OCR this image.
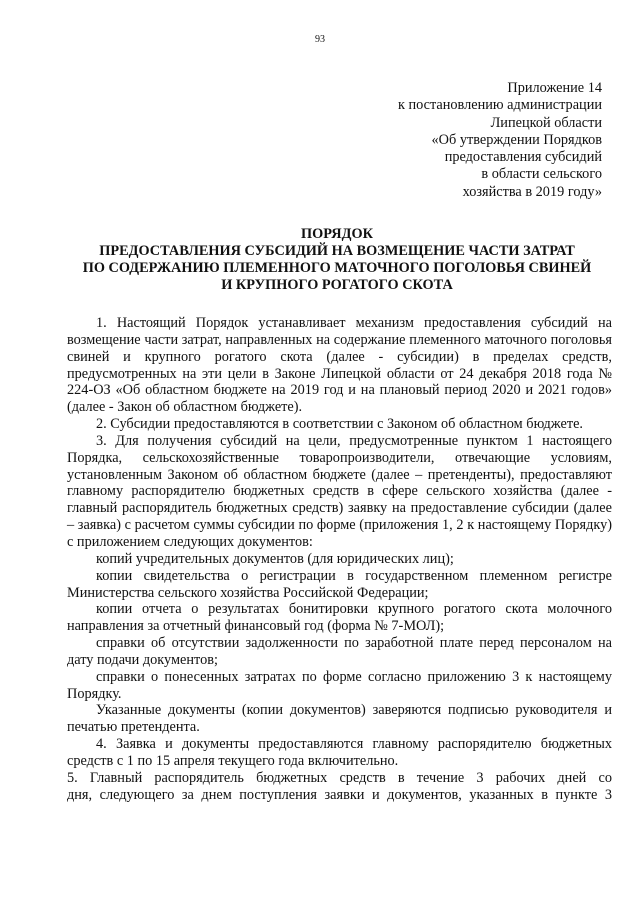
93
Приложение 14
к постановлению администрации
Липецкой области
«Об утверждении Порядков
предоставления субсидий
в области сельского
хозяйства в 2019 году»
ПОРЯДОК
ПРЕДОСТАВЛЕНИЯ СУБСИДИЙ НА ВОЗМЕЩЕНИЕ ЧАСТИ ЗАТРАТ
ПО СОДЕРЖАНИЮ ПЛЕМЕННОГО МАТОЧНОГО ПОГОЛОВЬЯ СВИНЕЙ
И КРУПНОГО РОГАТОГО СКОТА

1. Настоящий Порядок устанавливает механизм предоставления субсидий на возмещение части затрат, направленных на содержание племенного маточного поголовья свиней и крупного рогатого скота (далее - субсидии) в пределах средств, предусмотренных на эти цели в Законе Липецкой области от 24 декабря 2018 года № 224-ОЗ «Об областном бюджете на 2019 год и на плановый период 2020 и 2021 годов» (далее - Закон об областном бюджете).

2. Субсидии предоставляются в соответствии с Законом об областном бюджете.

3. Для получения субсидий на цели, предусмотренные пунктом 1 настоящего Порядка, сельскохозяйственные товаропроизводители, отвечающие условиям, установленным Законом об областном бюджете (далее – претенденты), предоставляют главному распорядителю бюджетных средств в сфере сельского хозяйства (далее - главный распорядитель бюджетных средств) заявку на предоставление субсидии (далее – заявка) с расчетом суммы субсидии по форме (приложения 1, 2 к настоящему Порядку) с приложением следующих документов:

копий учредительных документов (для юридических лиц);

копии свидетельства о регистрации в государственном племенном регистре Министерства сельского хозяйства Российской Федерации;

копии отчета о результатах бонитировки крупного рогатого скота молочного направления за отчетный финансовый год (форма № 7-МОЛ);

справки об отсутствии задолженности по заработной плате перед персоналом на дату подачи документов;

справки о понесенных затратах по форме согласно приложению 3 к настоящему Порядку.

Указанные документы (копии документов) заверяются подписью руководителя и печатью претендента.

4. Заявка и документы предоставляются главному распорядителю бюджетных средств с 1 по 15 апреля текущего года включительно.

5. Главный распорядитель бюджетных средств в течение 3 рабочих дней со

дня, следующего за днем поступления заявки и документов, указанных в пункте 3
